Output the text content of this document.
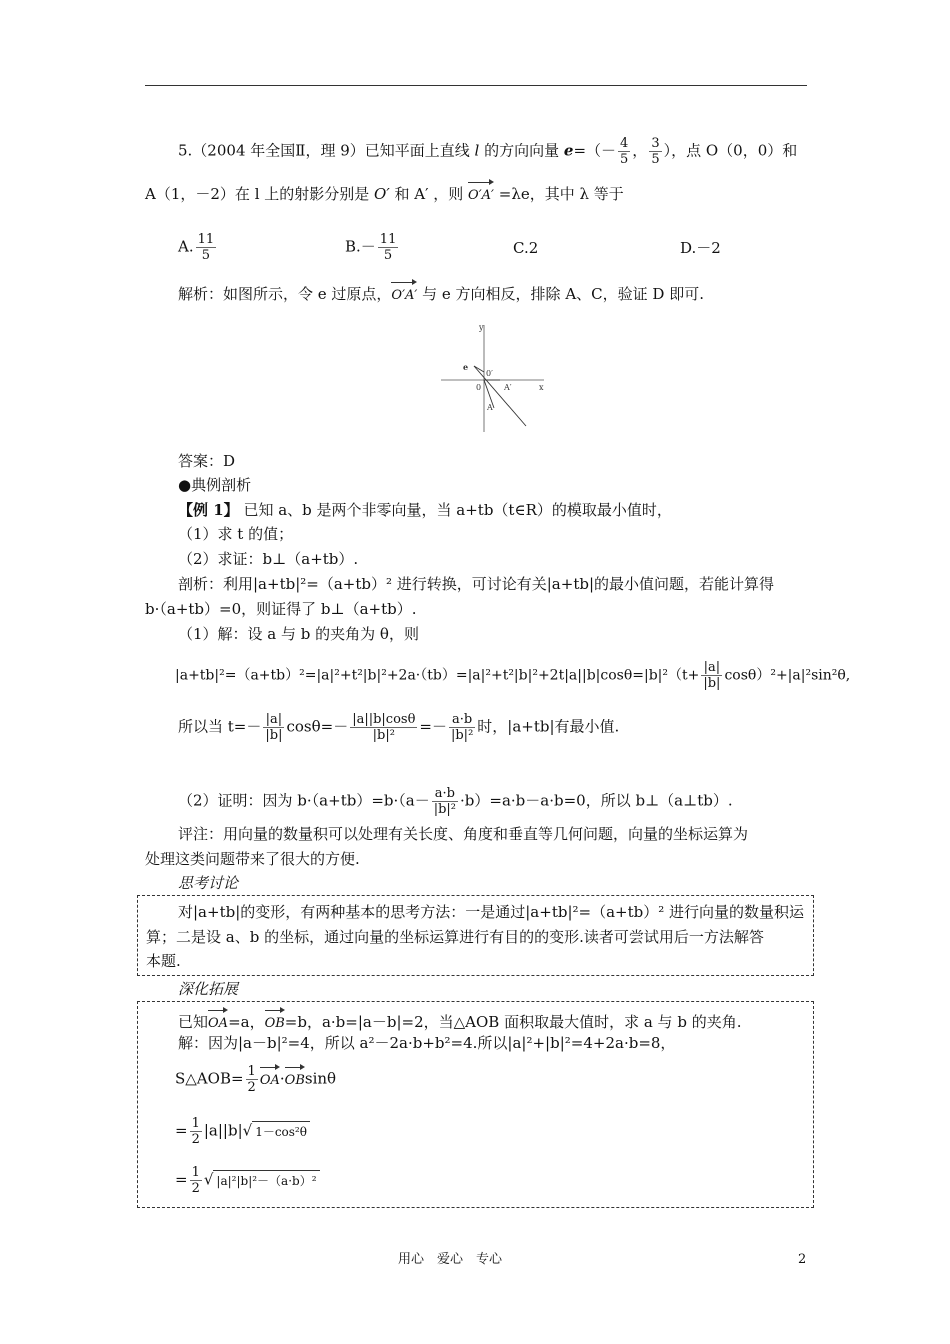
5.（2004 年全国Ⅱ，理 9）已知平面上直线 l 的方向向量 $e=(- \frac{4}{5}$ ， $\frac{3}{5}$ ），点 O（0，0）和
A（1，－2）在 l 上的射影分别是 O′ 和 A′ ，则 O′A′ =λe，其中 λ 等于
A. $\frac{11}{5}$	$B.- \frac{11}{5}$	C.2	D.－2
解析：如图所示，令 e 过原点，O′A′ 与 e 方向相反，排除 A、C，验证 D 即可.
y
x
e
0
0′
A′
A
答案：D
●典例剖析
【例 1】 已知 a、b 是两个非零向量，当 a+tb（t∈R）的模取最小值时，
（1）求 t 的值；
（2）求证：b⊥（a+tb）.
剖析：利用|a+tb|²=（a+tb）² 进行转换，可讨论有关|a+tb|的最小值问题，若能计算得
b·（a+tb）=0，则证得了 b⊥（a+tb）.
（1）解：设 a 与 b 的夹角为 θ，则
$|a+tb|^2=(a+tb)^2=|a|^2+t^2|b|^2+2a\cdot(tb)=|a|^2+t^2|b|^2+2t|a||b|\cos\theta=|b|^2(t+ \frac{|a|}{|b|} \cos\theta)^2+|a|^2\sin^2\theta$,
所以当 $t=- \frac{|a|}{|b|} \cos\theta=- \frac{|a||b|\cos\theta}{\text{|b|²}} =- \frac{a\cdot b}{\text{|b|²}}$ 时，|a+tb|有最小值.
（2）证明：因为 $b\cdot(a+tb)=b\cdot(a- \frac{a\cdot b}{\text{|b|²}} \cdot b)=a\cdot b-a\cdot b=0$，所以 b⊥（a⊥tb）.
评注：用向量的数量积可以处理有关长度、角度和垂直等几何问题，向量的坐标运算为
处理这类问题带来了很大的方便.
思考讨论
对|a+tb|的变形，有两种基本的思考方法：一是通过|a+tb|²=（a+tb）² 进行向量的数量积运
算；二是设 a、b 的坐标，通过向量的坐标运算进行有目的的变形.读者可尝试用后一方法解答
本题.
深化拓展
已知OA=a，OB=b，a·b=|a－b|=2，当△AOB 面积取最大值时，求 a 与 b 的夹角.
解：因为|a－b|²=4，所以 a²－2a·b+b²=4.所以|a|²+|b|²=4+2a·b=8，
S△AOB= $\frac{1}{2} OA\cdot OBsin\theta$
= $\frac{1}{2} |a||b|√$ 1－cos²θ
= $\frac{1}{2}$ √ |a|²|b|²－（a·b）²
用心　爱心　专心	2
